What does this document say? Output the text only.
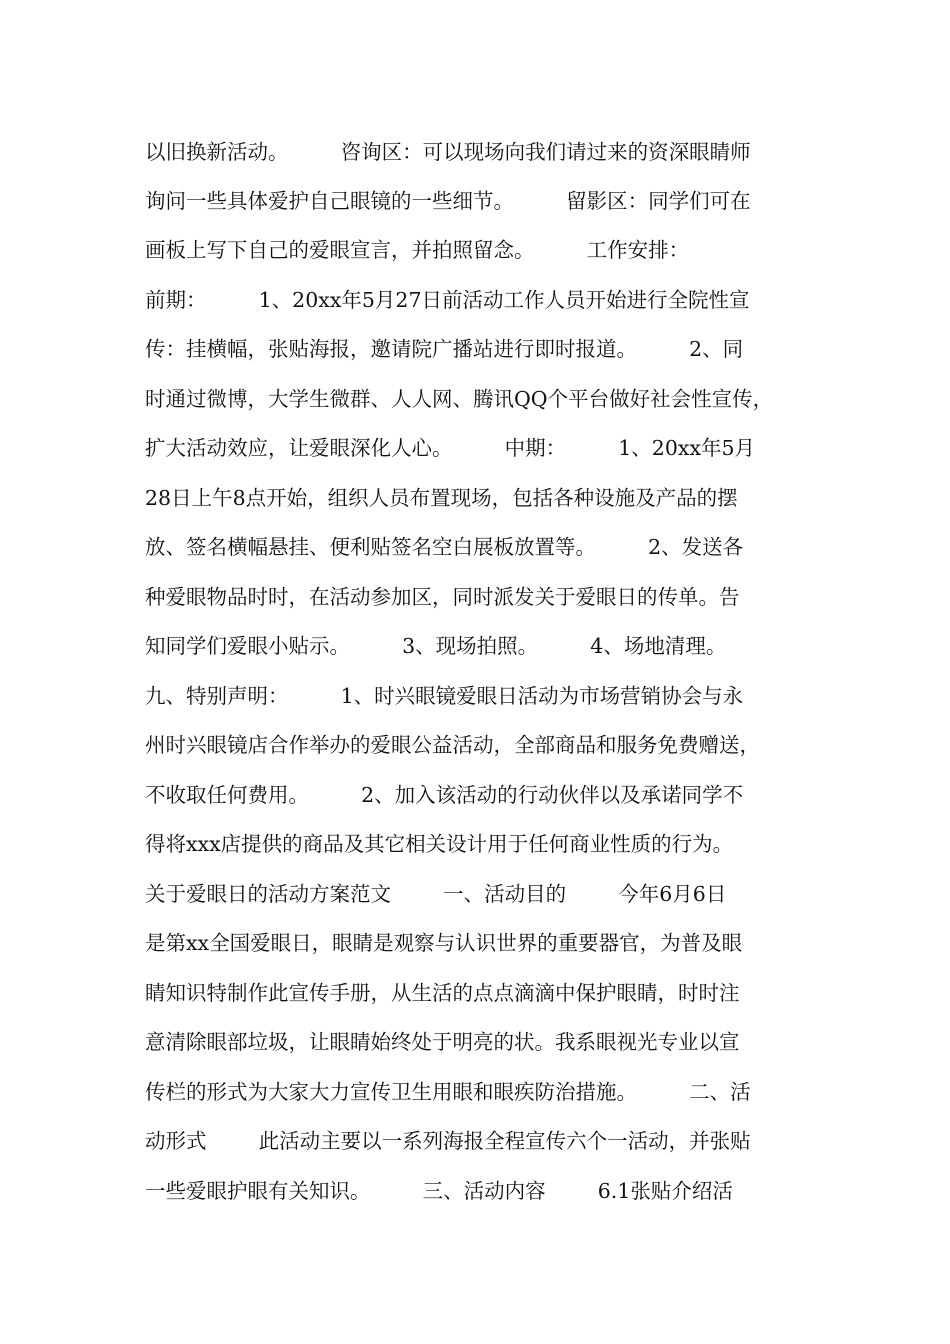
以旧换新活动。        咨询区：可以现场向我们请过来的资深眼睛师
询问一些具体爱护自己眼镜的一些细节。        留影区：同学们可在
画板上写下自己的爱眼宣言，并拍照留念。        工作安排：
前期：        1、20xx年5月27日前活动工作人员开始进行全院性宣
传：挂横幅，张贴海报，邀请院广播站进行即时报道。        2、同
时通过微博，大学生微群、人人网、腾讯QQ个平台做好社会性宣传，
扩大活动效应，让爱眼深化人心。        中期：        1、20xx年5月
28日上午8点开始，组织人员布置现场，包括各种设施及产品的摆
放、签名横幅悬挂、便利贴签名空白展板放置等。        2、发送各
种爱眼物品时时，在活动参加区，同时派发关于爱眼日的传单。告
知同学们爱眼小贴示。        3、现场拍照。        4、场地清理。
九、特别声明：        1、时兴眼镜爱眼日活动为市场营销协会与永
州时兴眼镜店合作举办的爱眼公益活动，全部商品和服务免费赠送，
不收取任何费用。        2、加入该活动的行动伙伴以及承诺同学不
得将xxx店提供的商品及其它相关设计用于任何商业性质的行为。
关于爱眼日的活动方案范文        一、活动目的        今年6月6日
是第xx全国爱眼日，眼睛是观察与认识世界的重要器官，为普及眼
睛知识特制作此宣传手册，从生活的点点滴滴中保护眼睛，时时注
意清除眼部垃圾，让眼睛始终处于明亮的状。我系眼视光专业以宣
传栏的形式为大家大力宣传卫生用眼和眼疾防治措施。        二、活
动形式        此活动主要以一系列海报全程宣传六个一活动，并张贴
一些爱眼护眼有关知识。        三、活动内容        6.1张贴介绍活
